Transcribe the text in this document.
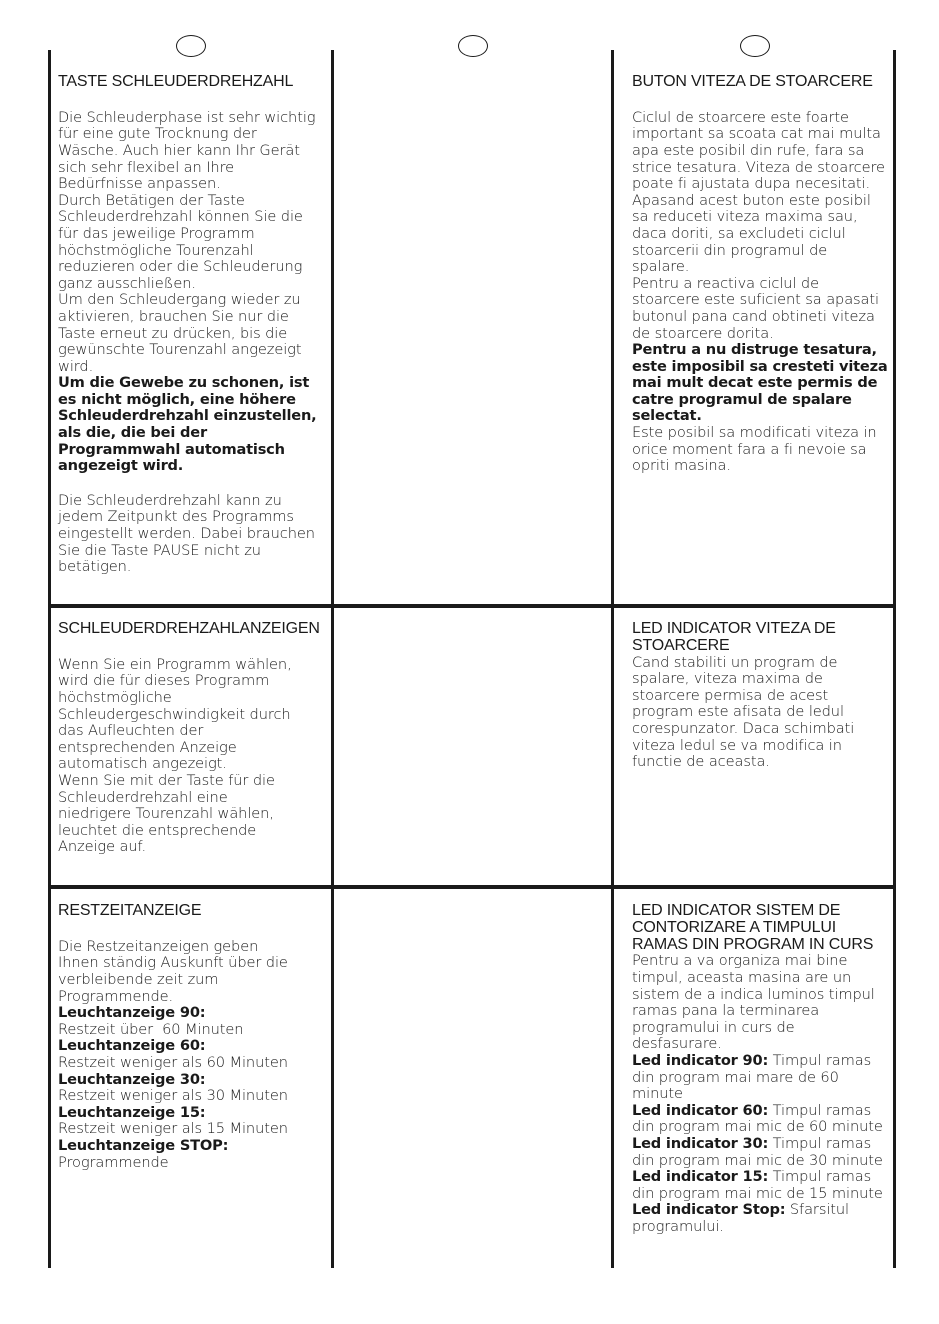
TASTE SCHLEUDERDREHZAHL

Die Schleuderphase ist sehr wichtig für eine gute Trocknung der Wäsche. Auch hier kann Ihr Gerät sich sehr flexibel an Ihre Bedürfnisse anpassen.

Durch Betätigen der Taste Schleuderdrehzahl können Sie die für das jeweilige Programm höchstmögliche Tourenzahl reduzieren oder die Schleuderung ganz ausschließen.

Um den Schleudergang wieder zu aktivieren, brauchen Sie nur die Taste erneut zu drücken, bis die gewünschte Tourenzahl angezeigt wird.

Um die Gewebe zu schonen, ist es nicht möglich, eine höhere Schleuderdrehzahl einzustellen, als die, die bei der Programmwahl automatisch angezeigt wird.

Die Schleuderdrehzahl kann zu jedem Zeitpunkt des Programms eingestellt werden. Dabei brauchen Sie die Taste PAUSE nicht zu betätigen.

BUTON VITEZA DE STOARCERE

Ciclul de stoarcere este foarte important sa scoata cat mai multa apa este posibil din rufe, fara sa strice tesatura. Viteza de stoarcere poate fi ajustata dupa necesitati.

Apasand acest buton este posibil sa reduceti viteza maxima sau, daca doriti, sa excludeti ciclul stoarcerii din programul de spalare.

Pentru a reactiva ciclul de stoarcere este suficient sa apasati butonul pana cand obtineti viteza de stoarcere dorita.

Pentru a nu distruge tesatura, este imposibil sa cresteti viteza mai mult decat este permis de catre programul de spalare selectat.

Este posibil sa modificati viteza in orice moment fara a fi nevoie sa opriti masina.

SCHLEUDERDREHZAHLANZEIGEN

Wenn Sie ein Programm wählen, wird die für dieses Programm höchstmögliche Schleudergeschwindigkeit durch das Aufleuchten der entsprechenden Anzeige automatisch angezeigt.

Wenn Sie mit der Taste für die Schleuderdrehzahl eine niedrigere Tourenzahl wählen, leuchtet die entsprechende Anzeige auf.

LED INDICATOR VITEZA DE STOARCERE

Cand stabiliti un program de spalare, viteza maxima de stoarcere permisa de acest program este afisata de ledul corespunzator. Daca schimbati viteza ledul se va modifica in functie de aceasta.

RESTZEITANZEIGE

Die Restzeitanzeigen geben Ihnen ständig Auskunft über die verbleibende zeit zum Programmende.

Leuchtanzeige 90:

Restzeit über  60 Minuten

Leuchtanzeige 60:

Restzeit weniger als 60 Minuten

Leuchtanzeige 30:

Restzeit weniger als 30 Minuten

Leuchtanzeige 15:

Restzeit weniger als 15 Minuten

Leuchtanzeige STOP:

Programmende

LED INDICATOR SISTEM DE CONTORIZARE A TIMPULUI RAMAS DIN PROGRAM IN CURS

Pentru a va organiza mai bine timpul, aceasta masina are un sistem de a indica luminos timpul ramas pana la terminarea programului in curs de desfasurare.

Led indicator 90: Timpul ramas din program mai mare de 60 minute

Led indicator 60: Timpul ramas din program mai mic de 60 minute

Led indicator 30: Timpul ramas din program mai mic de 30 minute

Led indicator 15: Timpul ramas din program mai mic de 15 minute

Led indicator Stop: Sfarsitul programului.
